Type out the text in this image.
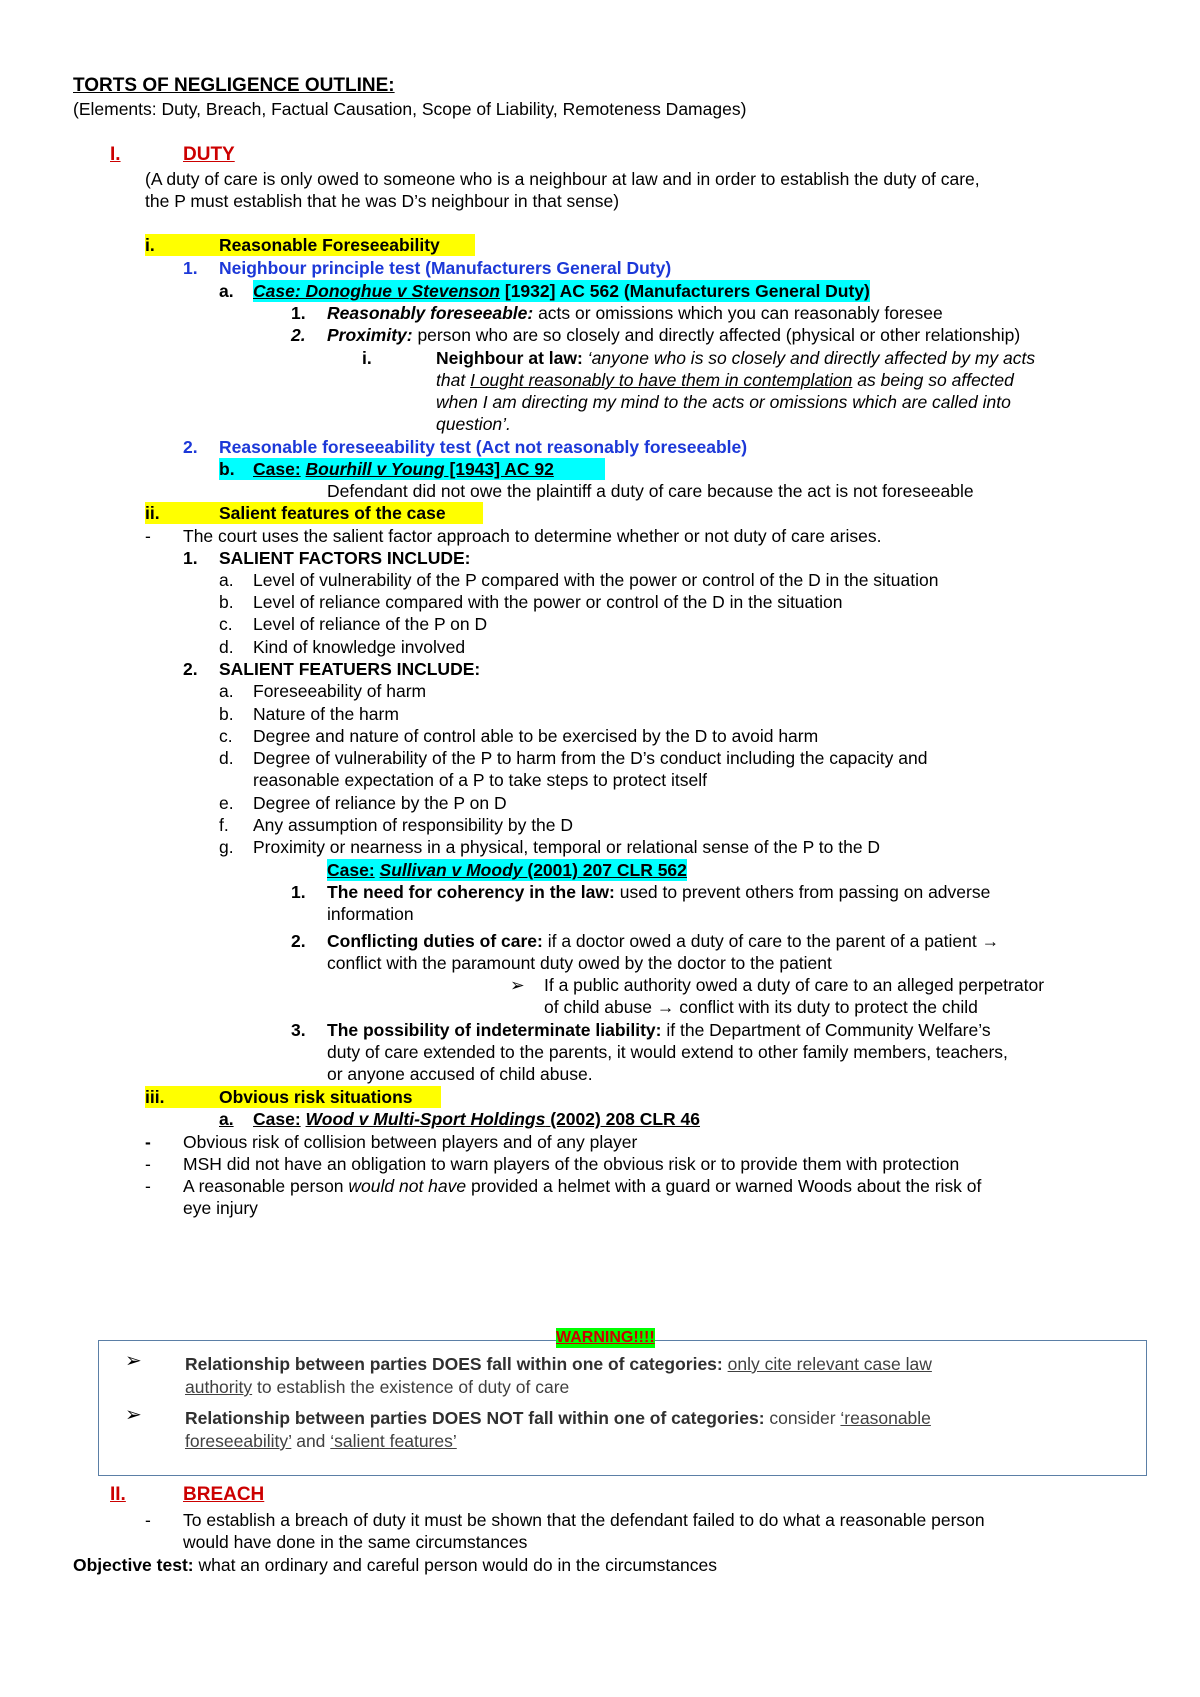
TORTS OF NEGLIGENCE OUTLINE:
(Elements: Duty, Breach, Factual Causation, Scope of Liability, Remoteness Damages)
I.	DUTY
(A duty of care is only owed to someone who is a neighbour at law and in order to establish the duty of care,
the P must establish that he was D’s neighbour in that sense)
i.	Reasonable Foreseeability
1. Neighbour principle test (Manufacturers General Duty)
a. Case: Donoghue v Stevenson [1932] AC 562 (Manufacturers General Duty)
1. Reasonably foreseeable: acts or omissions which you can reasonably foresee
2. Proximity: person who are so closely and directly affected (physical or other relationship)
i.	Neighbour at law: ‘anyone who is so closely and directly affected by my acts
that I ought reasonably to have them in contemplation as being so affected
when I am directing my mind to the acts or omissions which are called into
question’.
2. Reasonable foreseeability test (Act not reasonably foreseeable)
b. Case: Bourhill v Young [1943] AC 92
Defendant did not owe the plaintiff a duty of care because the act is not foreseeable
ii.	Salient features of the case
- The court uses the salient factor approach to determine whether or not duty of care arises.
1. SALIENT FACTORS INCLUDE:
a. Level of vulnerability of the P compared with the power or control of the D in the situation
b. Level of reliance compared with the power or control of the D in the situation
c. Level of reliance of the P on D
d. Kind of knowledge involved
2. SALIENT FEATUERS INCLUDE:
a. Foreseeability of harm
b. Nature of the harm
c. Degree and nature of control able to be exercised by the D to avoid harm
d. Degree of vulnerability of the P to harm from the D’s conduct including the capacity and
reasonable expectation of a P to take steps to protect itself
e. Degree of reliance by the P on D
f. Any assumption of responsibility by the D
g. Proximity or nearness in a physical, temporal or relational sense of the P to the D
Case: Sullivan v Moody (2001) 207 CLR 562
1. The need for coherency in the law: used to prevent others from passing on adverse
information
2. Conflicting duties of care: if a doctor owed a duty of care to the parent of a patient →
conflict with the paramount duty owed by the doctor to the patient
➢ If a public authority owed a duty of care to an alleged perpetrator
of child abuse → conflict with its duty to protect the child
3. The possibility of indeterminate liability: if the Department of Community Welfare’s
duty of care extended to the parents, it would extend to other family members, teachers,
or anyone accused of child abuse.
iii.	Obvious risk situations
a.	Case: Wood v Multi-Sport Holdings (2002) 208 CLR 46
- Obvious risk of collision between players and of any player
- MSH did not have an obligation to warn players of the obvious risk or to provide them with protection
- A reasonable person would not have provided a helmet with a guard or warned Woods about the risk of
eye injury
WARNING!!!!
➢ Relationship between parties DOES fall within one of categories: only cite relevant case law
authority to establish the existence of duty of care
➢ Relationship between parties DOES NOT fall within one of categories: consider ‘reasonable
foreseeability’ and ‘salient features’
II.	BREACH
- To establish a breach of duty it must be shown that the defendant failed to do what a reasonable person
would have done in the same circumstances
Objective test: what an ordinary and careful person would do in the circumstances
